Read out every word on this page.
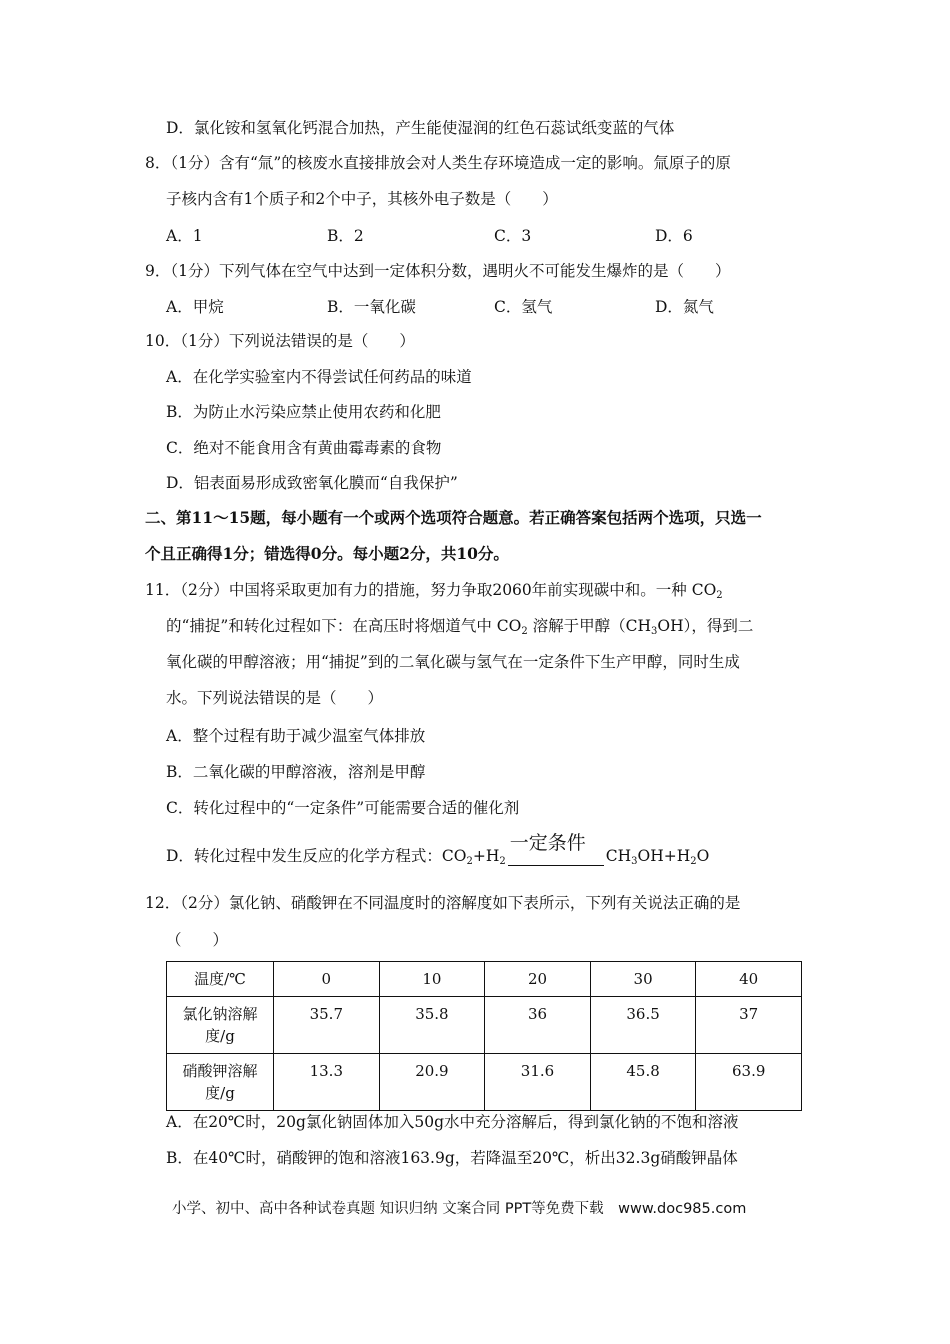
D．氯化铵和氢氧化钙混合加热，产生能使湿润的红色石蕊试纸变蓝的气体
8．（1分）含有“氚”的核废水直接排放会对人类生存环境造成一定的影响。氚原子的原
子核内含有1个质子和2个中子，其核外电子数是（　　）
A．1	B．2	C．3	D．6
9．（1分）下列气体在空气中达到一定体积分数，遇明火不可能发生爆炸的是（　　）
A．甲烷	B．一氧化碳	C．氢气	D．氮气
10．（1分）下列说法错误的是（　　）
A．在化学实验室内不得尝试任何药品的味道
B．为防止水污染应禁止使用农药和化肥
C．绝对不能食用含有黄曲霉毒素的食物
D．铝表面易形成致密氧化膜而“自我保护”
二、第11～15题，每小题有一个或两个选项符合题意。若正确答案包括两个选项，只选一
个且正确得1分；错选得0分。每小题2分，共10分。
11．（2分）中国将采取更加有力的措施，努力争取2060年前实现碳中和。一种 $CO_2$
的“捕捉”和转化过程如下：在高压时将烟道气中 $CO_2$ 溶解于甲醇$(CH_3OH)$，得到二
氧化碳的甲醇溶液；用“捕捉”到的二氧化碳与氢气在一定条件下生产甲醇，同时生成
水。下列说法错误的是（　　）
A．整个过程有助于减少温室气体排放
B．二氧化碳的甲醇溶液，溶剂是甲醇
C．转化过程中的“一定条件”可能需要合适的催化剂
D．转化过程中发生反应的化学方程式：$CO_2+H_2$
一定条件
$CH_3OH+H_2O$
12．（2分）氯化钠、硝酸钾在不同温度时的溶解度如下表所示，下列有关说法正确的是
（　　）
温度/℃	0	10	20	30	40
氯化钠溶解度/g	35.7	35.8	36	36.5	37
硝酸钾溶解度/g	13.3	20.9	31.6	45.8	63.9
A．在20℃时，20g氯化钠固体加入50g水中充分溶解后，得到氯化钠的不饱和溶液
B．在40℃时，硝酸钾的饱和溶液163.9g，若降温至20℃，析出32.3g硝酸钾晶体
小学、初中、高中各种试卷真题 知识归纳 文案合同 PPT等免费下载　www.doc985.com
